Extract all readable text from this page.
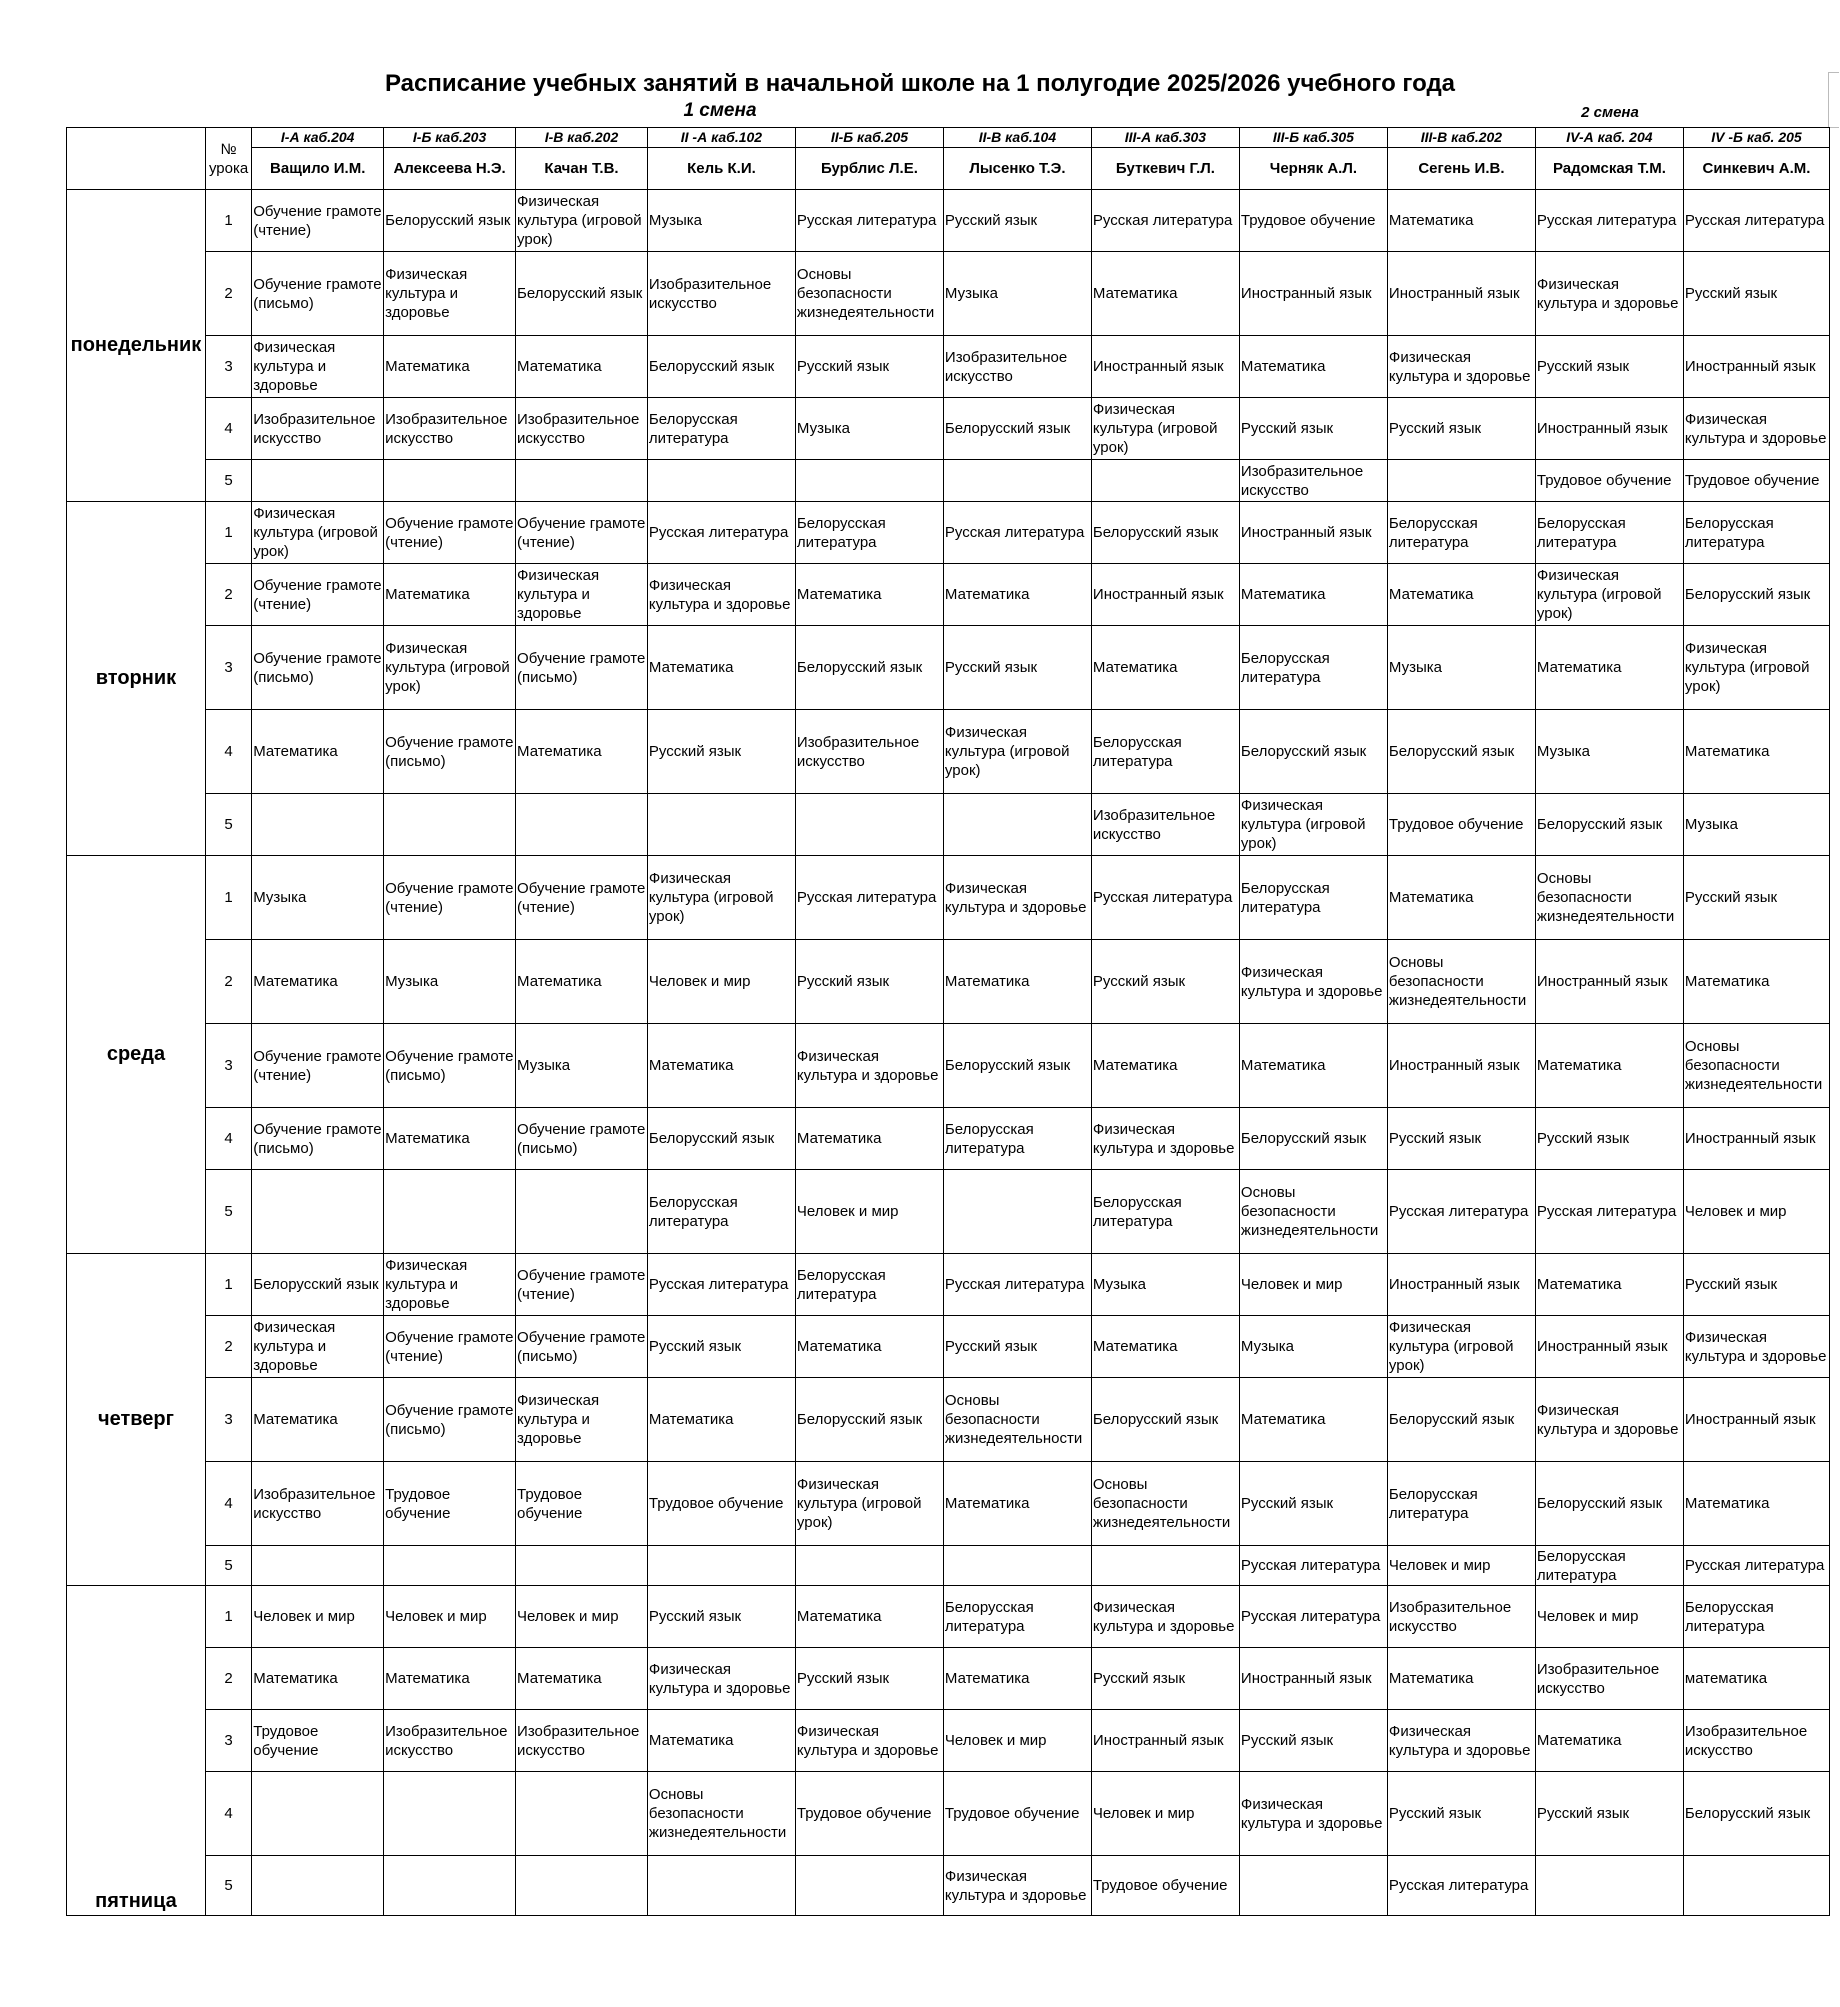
Расписание учебных занятий в начальной школе на 1 полугодие 2025/2026 учебного года
1 смена	2 смена
	№ урока	I-А каб.204	I-Б каб.203	I-В каб.202	II -А каб.102	II-Б каб.205	II-В каб.104	III-А каб.303	III-Б каб.305	III-В каб.202	IV-А каб. 204	IV -Б каб. 205
		Ващило И.М.	Алексеева Н.Э.	Качан Т.В.	Кель К.И.	Бурблис Л.Е.	Лысенко Т.Э.	Буткевич Г.Л.	Черняк А.Л.	Сегень И.В.	Радомская Т.М.	Синкевич А.М.
понедельник	1	Обучение грамоте (чтение)	Белорусский язык	Физическая культура (игровой урок)	Музыка	Русская литература	Русский язык	Русская литература	Трудовое обучение	Математика	Русская литература	Русская литература
	2	Обучение грамоте (письмо)	Физическая культура и здоровье	Белорусский язык	Изобразительное искусство	Основы безопасности жизнедеятельности	Музыка	Математика	Иностранный язык	Иностранный язык	Физическая культура и здоровье	Русский язык
	3	Физическая культура и здоровье	Математика	Математика	Белорусский язык	Русский язык	Изобразительное искусство	Иностранный язык	Математика	Физическая культура и здоровье	Русский язык	Иностранный язык
	4	Изобразительное искусство	Изобразительное искусство	Изобразительное искусство	Белорусская литература	Музыка	Белорусский язык	Физическая культура (игровой урок)	Русский язык	Русский язык	Иностранный язык	Физическая культура и здоровье
	5								Изобразительное искусство		Трудовое обучение	Трудовое обучение
вторник	1	Физическая культура (игровой урок)	Обучение грамоте (чтение)	Обучение грамоте (чтение)	Русская литература	Белорусская литература	Русская литература	Белорусский язык	Иностранный язык	Белорусская литература	Белорусская литература	Белорусская литература
	2	Обучение грамоте (чтение)	Математика	Физическая культура и здоровье	Физическая культура и здоровье	Математика	Математика	Иностранный язык	Математика	Математика	Физическая культура (игровой урок)	Белорусский язык
	3	Обучение грамоте (письмо)	Физическая культура (игровой урок)	Обучение грамоте (письмо)	Математика	Белорусский язык	Русский язык	Математика	Белорусская литература	Музыка	Математика	Физическая культура (игровой урок)
	4	Математика	Обучение грамоте (письмо)	Математика	Русский язык	Изобразительное искусство	Физическая культура (игровой урок)	Белорусская литература	Белорусский язык	Белорусский язык	Музыка	Математика
	5							Изобразительное искусство	Физическая культура (игровой урок)	Трудовое обучение	Белорусский язык	Музыка
среда	1	Музыка	Обучение грамоте (чтение)	Обучение грамоте (чтение)	Физическая культура (игровой урок)	Русская литература	Физическая культура и здоровье	Русская литература	Белорусская литература	Математика	Основы безопасности жизнедеятельности	Русский язык
	2	Математика	Музыка	Математика	Человек и мир	Русский язык	Математика	Русский язык	Физическая культура и здоровье	Основы безопасности жизнедеятельности	Иностранный язык	Математика
	3	Обучение грамоте (чтение)	Обучение грамоте (письмо)	Музыка	Математика	Физическая культура и здоровье	Белорусский язык	Математика	Математика	Иностранный язык	Математика	Основы безопасности жизнедеятельности
	4	Обучение грамоте (письмо)	Математика	Обучение грамоте (письмо)	Белорусский язык	Математика	Белорусская литература	Физическая культура и здоровье	Белорусский язык	Русский язык	Русский язык	Иностранный язык
	5				Белорусская литература	Человек и мир		Белорусская литература	Основы безопасности жизнедеятельности	Русская литература	Русская литература	Человек и мир
четверг	1	Белорусский язык	Физическая культура и здоровье	Обучение грамоте (чтение)	Русская литература	Белорусская литература	Русская литература	Музыка	Человек и мир	Иностранный язык	Математика	Русский язык
	2	Физическая культура и здоровье	Обучение грамоте (чтение)	Обучение грамоте (письмо)	Русский язык	Математика	Русский язык	Математика	Музыка	Физическая культура (игровой урок)	Иностранный язык	Физическая культура и здоровье
	3	Математика	Обучение грамоте (письмо)	Физическая культура и здоровье	Математика	Белорусский язык	Основы безопасности жизнедеятельности	Белорусский язык	Математика	Белорусский язык	Физическая культура и здоровье	Иностранный язык
	4	Изобразительное искусство	Трудовое обучение	Трудовое обучение	Трудовое обучение	Физическая культура (игровой урок)	Математика	Основы безопасности жизнедеятельности	Русский язык	Белорусская литература	Белорусский язык	Математика
	5								Русская литература	Человек и мир	Белорусская литература	Русская литература
пятница	1	Человек и мир	Человек и мир	Человек и мир	Русский язык	Математика	Белорусская литература	Физическая культура и здоровье	Русская литература	Изобразительное искусство	Человек и мир	Белорусская литература
	2	Математика	Математика	Математика	Физическая культура и здоровье	Русский язык	Математика	Русский язык	Иностранный язык	Математика	Изобразительное искусство	математика
	3	Трудовое обучение	Изобразительное искусство	Изобразительное искусство	Математика	Физическая культура и здоровье	Человек и мир	Иностранный язык	Русский язык	Физическая культура и здоровье	Математика	Изобразительное искусство
	4				Основы безопасности жизнедеятельности	Трудовое обучение	Трудовое обучение	Человек и мир	Физическая культура и здоровье	Русский язык	Русский язык	Белорусский язык
	5						Физическая культура и здоровье	Трудовое обучение		Русская литература		
